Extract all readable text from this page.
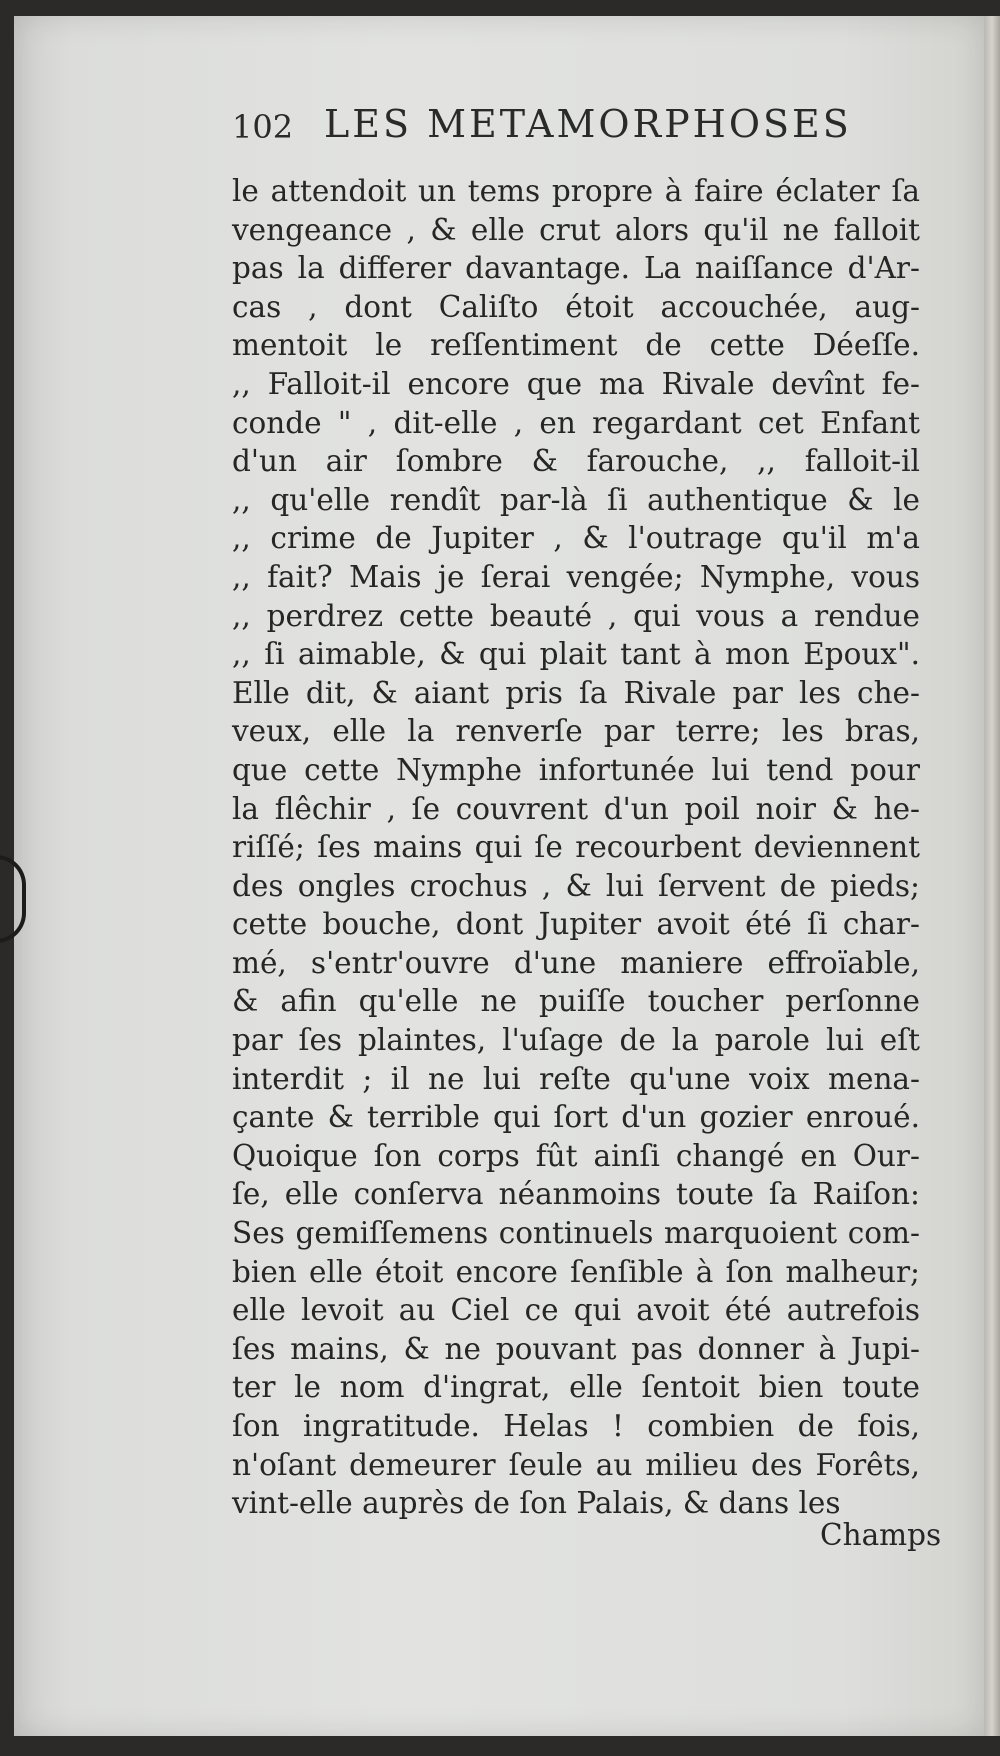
102 LES METAMORPHOSES
le attendoit un tems propre à faire éclater ſa
vengeance , & elle crut alors qu'il ne falloit
pas la differer davantage. La naiſſance d'Ar-
cas , dont Caliſto étoit accouchée, aug-
mentoit le reſſentiment de cette Déeſſe.
,, Falloit-il encore que ma Rivale devînt fe-
conde " , dit-elle , en regardant cet Enfant
d'un air ſombre & farouche, ,, falloit-il
,, qu'elle rendît par-là ſi authentique & le
,, crime de Jupiter , & l'outrage qu'il m'a
,, fait? Mais je ſerai vengée; Nymphe, vous
,, perdrez cette beauté , qui vous a rendue
,, ſi aimable, & qui plait tant à mon Epoux".
Elle dit, & aiant pris ſa Rivale par les che-
veux, elle la renverſe par terre; les bras,
que cette Nymphe infortunée lui tend pour
la flêchir , ſe couvrent d'un poil noir & he-
riſſé; ſes mains qui ſe recourbent deviennent
des ongles crochus , & lui ſervent de pieds;
cette bouche, dont Jupiter avoit été ſi char-
mé, s'entr'ouvre d'une maniere effroïable,
& afin qu'elle ne puiſſe toucher perſonne
par ſes plaintes, l'uſage de la parole lui eſt
interdit ; il ne lui reſte qu'une voix mena-
çante & terrible qui ſort d'un gozier enroué.
Quoique ſon corps fût ainſi changé en Our-
ſe, elle conſerva néanmoins toute ſa Raiſon:
Ses gemiſſemens continuels marquoient com-
bien elle étoit encore ſenſible à ſon malheur;
elle levoit au Ciel ce qui avoit été autrefois
ſes mains, & ne pouvant pas donner à Jupi-
ter le nom d'ingrat, elle ſentoit bien toute
ſon ingratitude. Helas ! combien de fois,
n'oſant demeurer ſeule au milieu des Forêts,
vint-elle auprès de ſon Palais, & dans les
Champs
